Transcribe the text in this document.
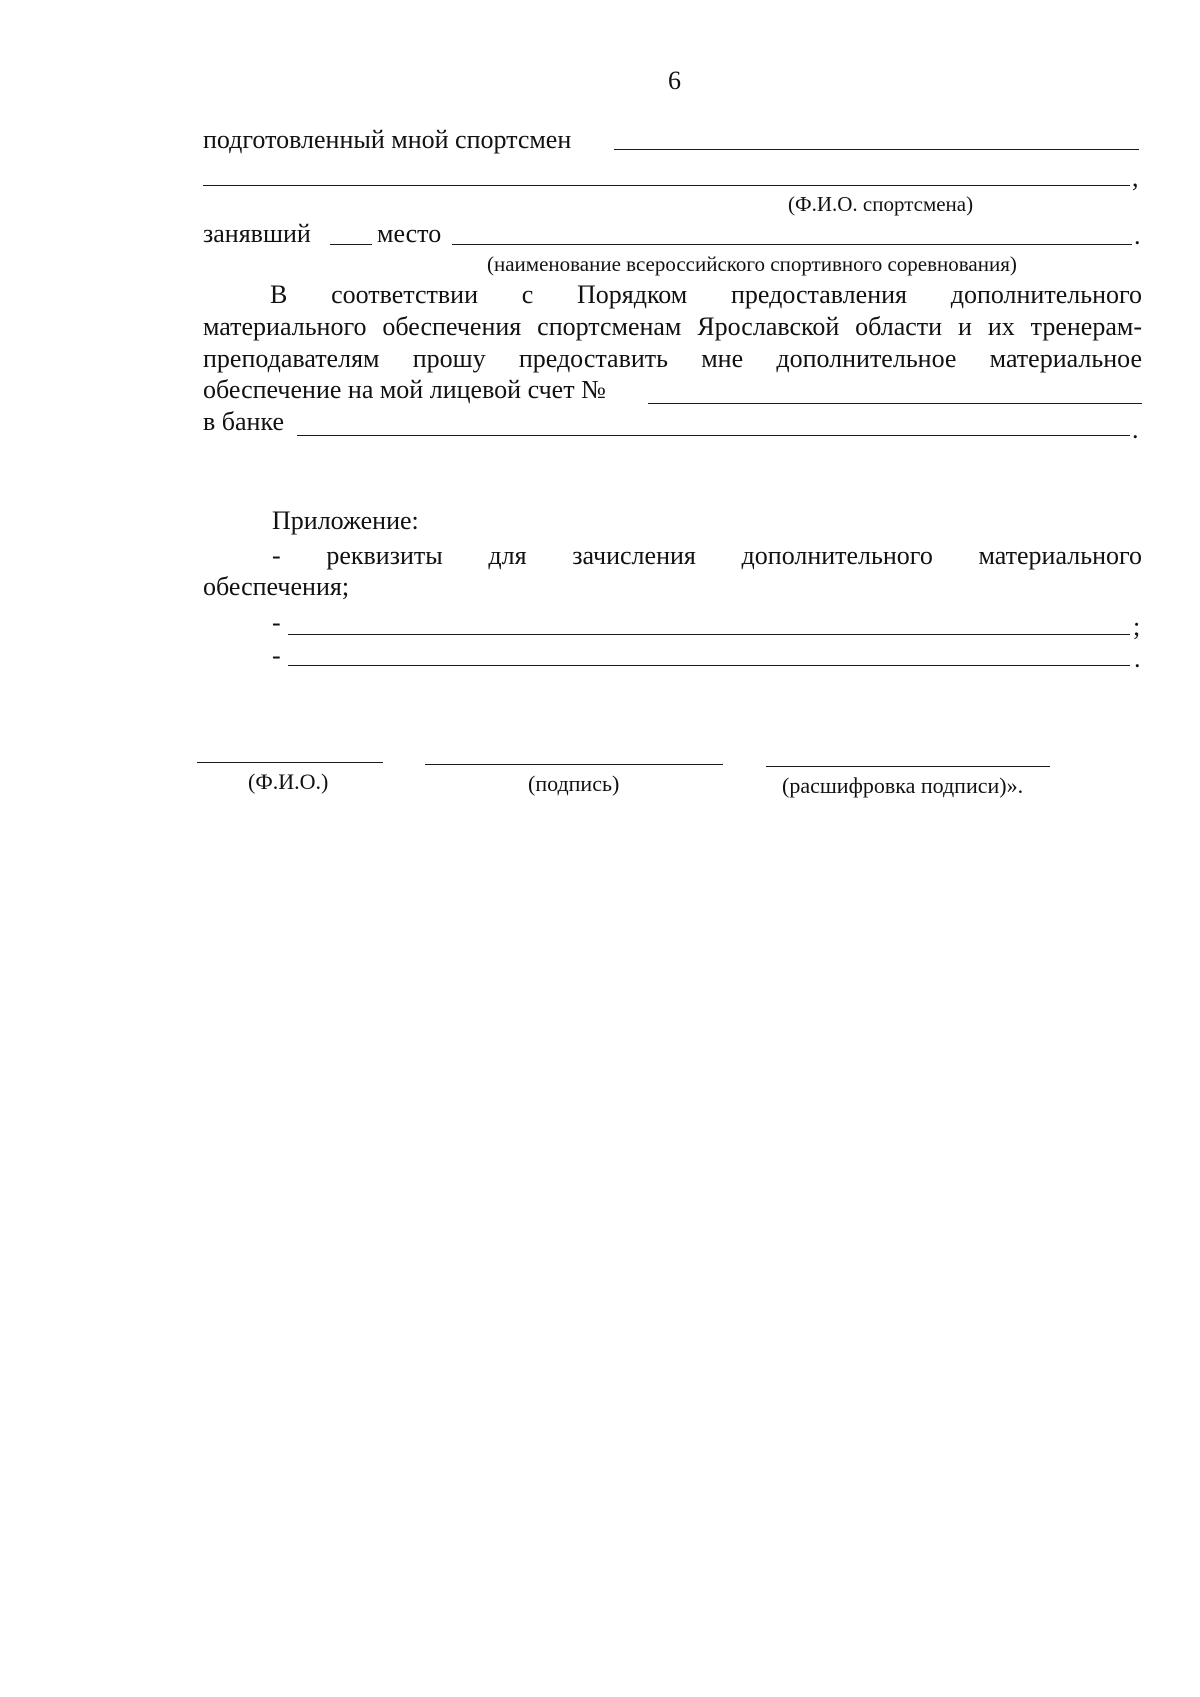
6
подготовленный мной спортсмен
,
(Ф.И.О. спортсмена)
занявший	место	.
(наименование всероссийского спортивного соревнования)
В соответствии с Порядком предоставления дополнительного
материального обеспечения спортсменам Ярославской области и их тренерам-
преподавателям прошу предоставить мне дополнительное материальное
обеспечение на мой лицевой счет №
в банке	.
Приложение:
- реквизиты для зачисления дополнительного материального
обеспечения;
-	;
-	.
(Ф.И.О.)	(подпись)	(расшифровка подписи)».
